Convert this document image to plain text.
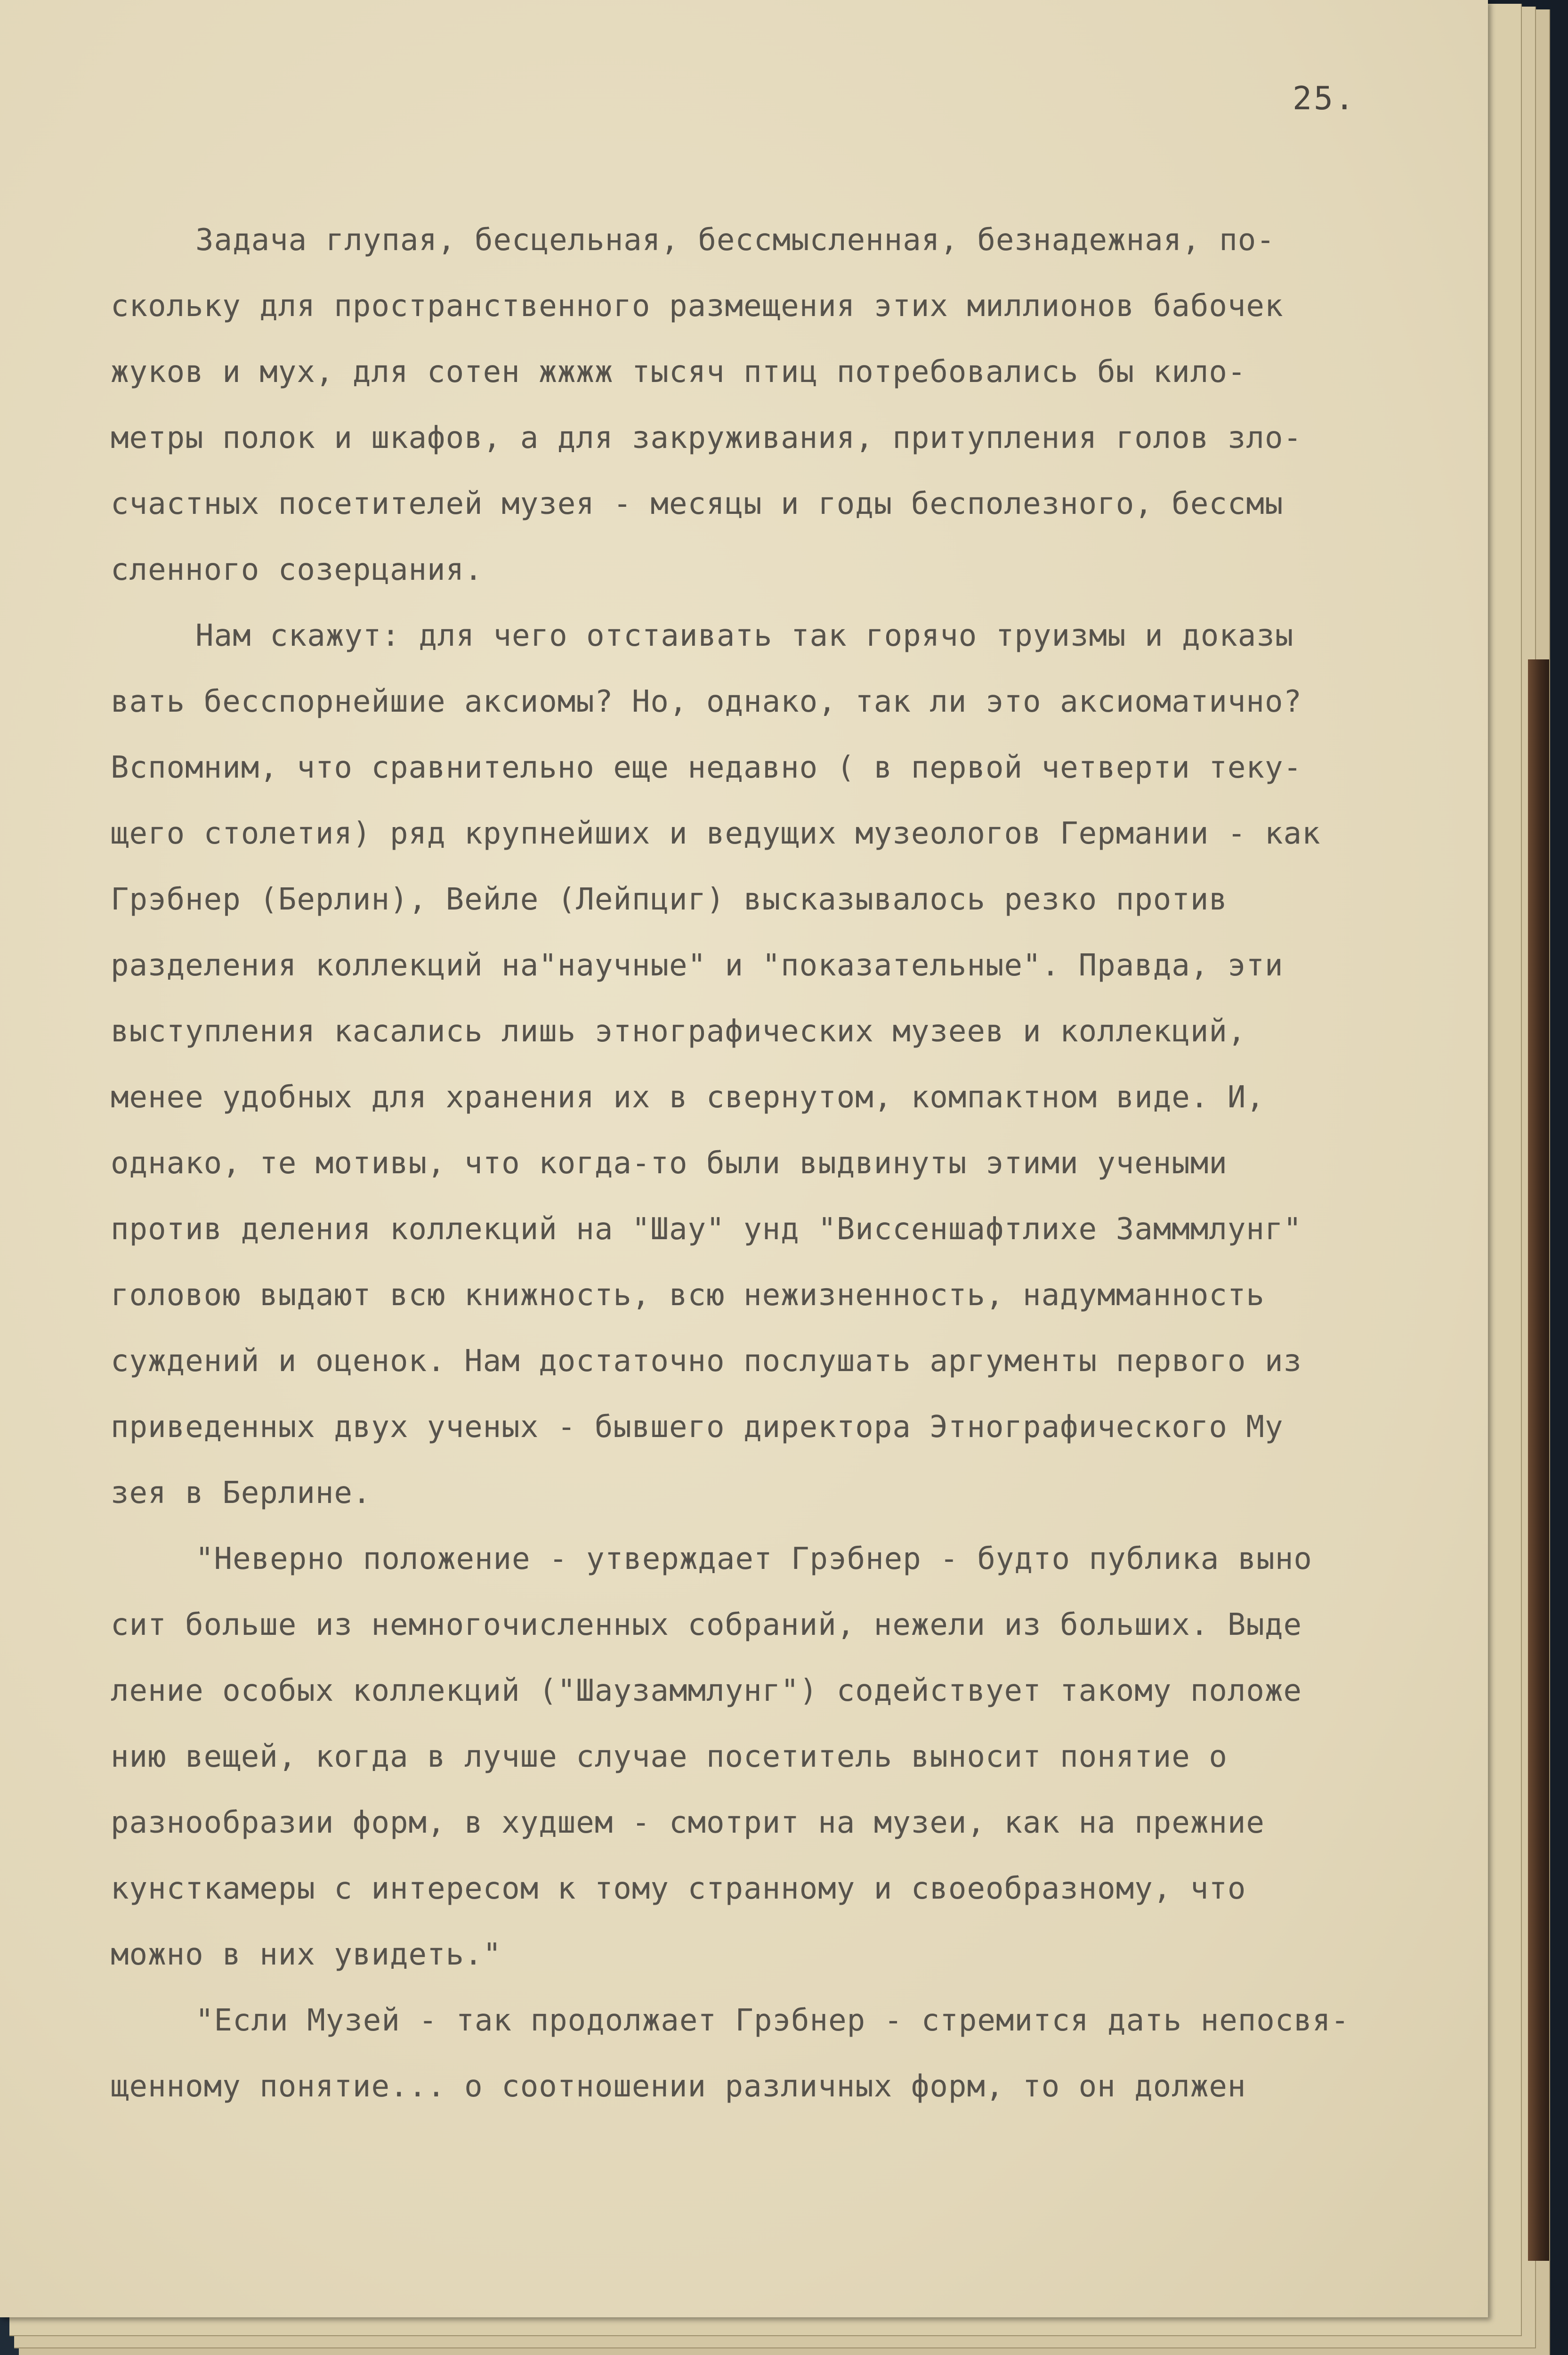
25.
Задача глупая, бесцельная, бессмысленная, безнадежная, по-
скольку для пространственного размещения этих миллионов бабочек
жуков и мух, для сотен жжжж тысяч птиц потребовались бы кило-
метры полок и шкафов, а для закруживания, притупления голов зло-
счастных посетителей музея - месяцы и годы бесполезного, бессмы
сленного созерцания.
Нам скажут: для чего отстаивать так горячо труизмы и доказы
вать бесспорнейшие аксиомы? Но, однако, так ли это аксиоматично?
Вспомним, что сравнительно еще недавно ( в первой четверти теку-
щего столетия) ряд крупнейших и ведущих музеологов Германии - как
Грэбнер (Берлин), Вейле (Лейпциг) высказывалось резко против
разделения коллекций на"научные" и "показательные". Правда, эти
выступления касались лишь этнографических музеев и коллекций,
менее удобных для хранения их в свернутом, компактном виде. И,
однако, те мотивы, что когда-то были выдвинуты этими учеными
против деления коллекций на "Шау" унд "Виссеншафтлихе Замммлунг"
головою выдают всю книжность, всю нежизненность, надумманность
суждений и оценок. Нам достаточно послушать аргументы первого из
приведенных двух ученых - бывшего директора Этнографического Му
зея в Берлине.
"Неверно положение - утверждает Грэбнер - будто публика выно
сит больше из немногочисленных собраний, нежели из больших. Выде
ление особых коллекций ("Шаузаммлунг") содействует такому положе
нию вещей, когда в лучше случае посетитель выносит понятие о
разнообразии форм, в худшем - смотрит на музеи, как на прежние
кунсткамеры с интересом к тому странному и своеобразному, что
можно в них увидеть."
"Если Музей - так продолжает Грэбнер - стремится дать непосвя-
щенному понятие... о соотношении различных форм, то он должен
